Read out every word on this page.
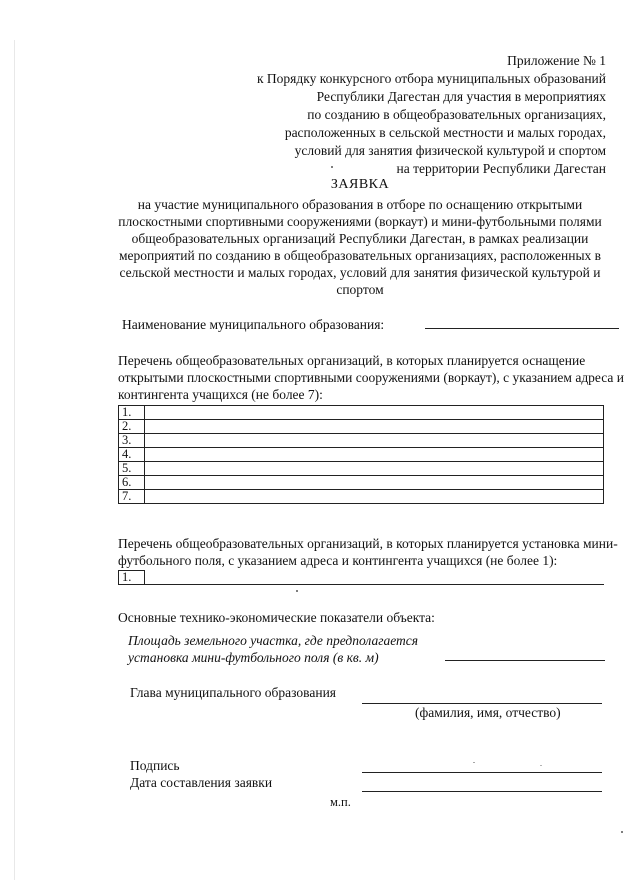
Приложение № 1
к Порядку конкурсного отбора муниципальных образований
Республики Дагестан для участия в мероприятиях
по созданию в общеобразовательных организациях,
расположенных в сельской местности и малых городах,
условий для занятия физической культурой и спортом
на территории Республики Дагестан
ЗАЯВКА
на участие муниципального образования в отборе по оснащению открытыми
плоскостными спортивными сооружениями (воркаут) и мини-футбольными полями
общеобразовательных организаций Республики Дагестан, в рамках реализации
мероприятий по созданию в общеобразовательных организациях, расположенных в
сельской местности и малых городах, условий для занятия физической культурой и
спортом
Наименование муниципального образования:
Перечень общеобразовательных организаций, в которых планируется оснащение
открытыми плоскостными спортивными сооружениями (воркаут), с указанием адреса и
контингента учащихся (не более 7):
1.	
2.	
3.	
4.	
5.	
6.	
7.	
Перечень общеобразовательных организаций, в которых планируется установка мини-
футбольного поля, с указанием адреса и контингента учащихся (не более 1):
1.	
Основные технико-экономические показатели объекта:
Площадь земельного участка, где предполагается
установка мини-футбольного поля (в кв. м)
Глава муниципального образования
(фамилия, имя, отчество)
Подпись
Дата составления заявки
м.п.
